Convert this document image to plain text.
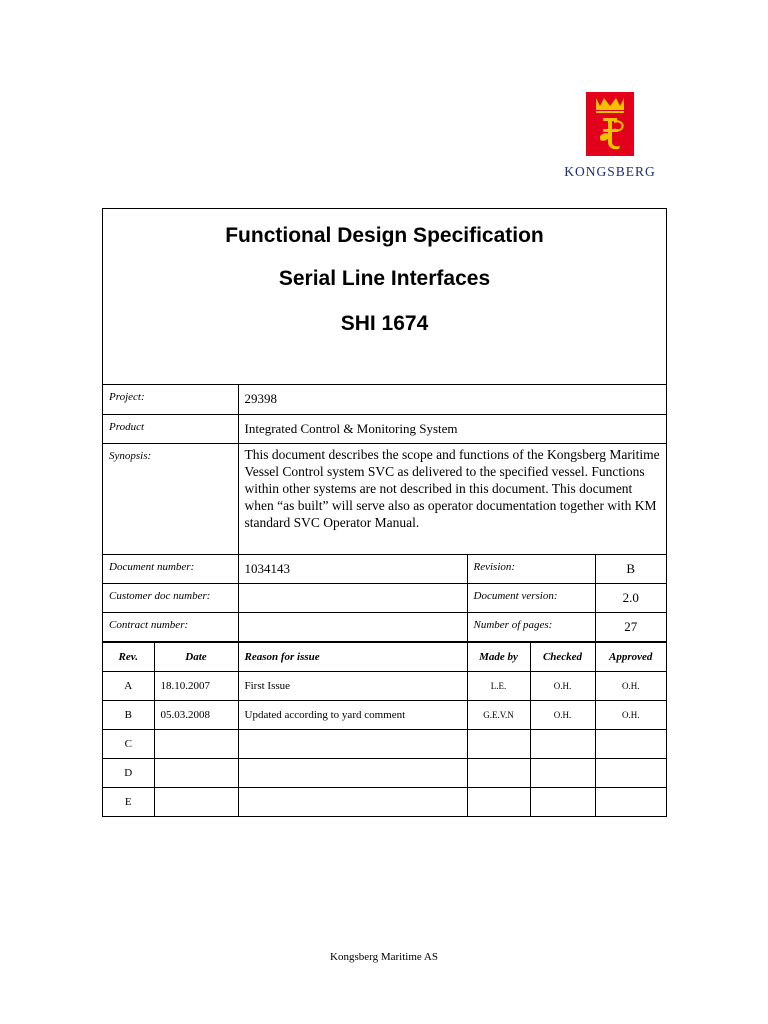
KONGSBERG
Functional Design Specification
Serial Line Interfaces
SHI 1674
Project:	29398		
Product	Integrated Control & Monitoring System		
Synopsis:	This document describes the scope and functions of the Kongsberg Maritime Vessel Control system SVC as delivered to the specified vessel. Functions within other systems are not described in this document. This document when “as built” will serve also as operator documentation together with KM standard SVC Operator Manual.		
Document number:	1034143	Revision:	B
Customer doc number:		Document version:	2.0
Contract number:		Number of pages:	27
Rev.	Date	Reason for issue	Made by	Checked	Approved
A	18.10.2007	First Issue	L.E.	O.H.	O.H.
B	05.03.2008	Updated according to yard comment	G.E.V.N	O.H.	O.H.
C					
D					
E					
Kongsberg Maritime AS
